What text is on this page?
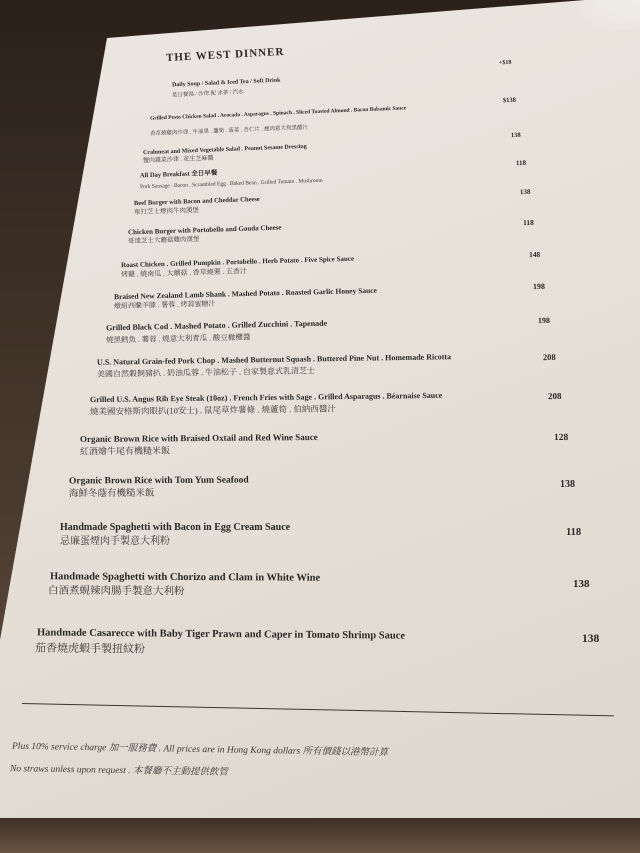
THE WEST DINNER
Daily Soup / Salad & Iced Tea / Soft Drink
是日餐湯 / 沙律 配 冰茶 / 汽水
+$18
Grilled Pesto Chicken Salad . Avocado . Asparagus . Spinach . Sliced Toasted Almond . Bacon Balsamic Sauce
香草燒雞肉沙律 . 牛油果 . 蘆筍 . 菠菜 . 杏仁片 . 煙肉意大利黑醋汁
$138
Crabmeat and Mixed Vegetable Salad . Peanut Sesame Dressing
蟹肉雜菜沙律 . 花生芝麻醬
138
All Day Breakfast 全日早餐
Pork Sausage . Bacon . Scrambled Egg . Baked Bean . Grilled Tomato . Mushroom
118
Beef Burger with Bacon and Cheddar Cheese
車打芝士煙肉牛肉漢堡
138
Chicken Burger with Portobello and Gouda Cheese
哥達芝士大蘑菇雞肉漢堡
118
Roast Chicken . Grilled Pumpkin . Portobello . Herb Potato . Five Spice Sauce
烤雞 . 燒南瓜 . 大蘑菇 . 香草燒薯 . 五香汁
148
Braised New Zealand Lamb Shank . Mashed Potato . Roasted Garlic Honey Sauce
燉紐西蘭羊膝 . 薯蓉 . 烤蒜蜜糖汁
198
Grilled Black Cod . Mashed Potato . Grilled Zucchini . Tapenade
燒黑鱈魚 . 薯蓉 . 燒意大利青瓜 . 酸豆橄欖醬
198
U.S. Natural Grain-fed Pork Chop . Mashed Butternut Squash . Buttered Pine Nut . Homemade Ricotta
美國自然穀飼豬扒 . 奶油瓜蓉 . 牛油松子 . 自家製意式乳清芝士
208
Grilled U.S. Angus Rib Eye Steak (10oz) . French Fries with Sage . Grilled Asparagus . Béarnaise Sauce
燒美國安格斯肉眼扒(10安士) . 鼠尾草炸薯條 . 燒蘆筍 . 伯納西醬汁
208
Organic Brown Rice with Braised Oxtail and Red Wine Sauce
紅酒燴牛尾有機糙米飯
128
Organic Brown Rice with Tom Yum Seafood
海鮮冬蔭有機糙米飯
138
Handmade Spaghetti with Bacon in Egg Cream Sauce
忌廉蛋煙肉手製意大利粉
118
Handmade Spaghetti with Chorizo and Clam in White Wine
白酒煮蜆辣肉腸手製意大利粉
138
Handmade Casarecce with Baby Tiger Prawn and Caper in Tomato Shrimp Sauce
茄香燒虎蝦手製扭紋粉
138
Plus 10% service charge 加一服務費 . All prices are in Hong Kong dollars 所有價錢以港幣計算
No straws unless upon request . 本餐廳不主動提供飲管
